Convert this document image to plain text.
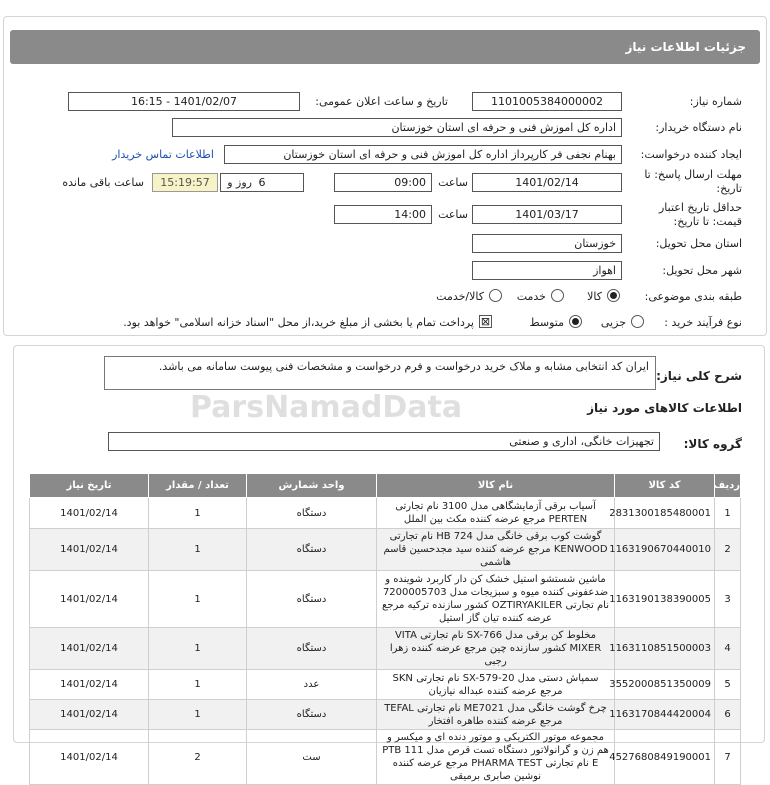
جزئیات اطلاعات نیاز
شماره نیاز:
1101005384000002
تاریخ و ساعت اعلان عمومی:
1401/02/07 - 16:15
نام دستگاه خریدار:
اداره کل اموزش فنی و حرفه ای استان خوزستان
ایجاد کننده درخواست:
بهنام نجفی فر کارپرداز اداره کل اموزش فنی و حرفه ای استان خوزستان
اطلاعات تماس خریدار
مهلت ارسال پاسخ: تا
تاریخ:
1401/02/14
ساعت
09:00
6
روز و
15:19:57
ساعت باقی مانده
حداقل تاریخ اعتبار
قیمت: تا تاریخ:
1401/03/17
ساعت
14:00
استان محل تحویل:
خوزستان
شهر محل تحویل:
اهواز
طبقه بندی موضوعی:
کالا
خدمت
کالا/خدمت
نوع فرآیند خرید :
جزیی
متوسط
⊠
پرداخت تمام یا بخشی از مبلغ خرید،از محل "اسناد خزانه اسلامی" خواهد بود.
شرح کلی نیاز:
ایران کد انتخابی مشابه و ملاک خرید درخواست و فرم درخواست و مشخصات فنی پیوست سامانه می باشد.
اطلاعات کالاهای مورد نیاز
ParsNamadData
گروه کالا:
تجهیزات خانگی، اداری و صنعتی
ردیف	کد کالا	نام کالا	واحد شمارش	تعداد / مقدار	تاریخ نیاز
1	2831300185480001	آسیاب برقی آزمایشگاهی مدل 3100 نام تجارتی PERTEN مرجع عرضه کننده مکث بین الملل	دستگاه	1	1401/02/14
2	1163190670440010	گوشت کوب برقی خانگی مدل HB 724 نام تجارتی KENWOOD مرجع عرضه کننده سید مجدحسین قاسم هاشمی	دستگاه	1	1401/02/14
3	1163190138390005	ماشین شستشو استیل خشک کن دار کاربرد شوینده و ضدعفونی کننده میوه و سبزیجات مدل 7200005703 نام تجارتی OZTIRYAKILER کشور سازنده ترکیه مرجع عرضه کننده تیان گاز استیل	دستگاه	1	1401/02/14
4	1163110851500003	مخلوط کن برقی مدل SX-766 نام تجارتی VITA MIXER کشور سازنده چین مرجع عرضه کننده زهرا رجبی	دستگاه	1	1401/02/14
5	3552000851350009	سمپاش دستی مدل SX-579-20 نام تجارتی SKN مرجع عرضه کننده عبداله نیازیان	عدد	1	1401/02/14
6	1163170844420004	چرخ گوشت خانگی مدل ME7021 نام تجارتی TEFAL مرجع عرضه کننده طاهره افتخار	دستگاه	1	1401/02/14
7	4527680849190001	مجموعه موتور الکتریکی و موتور دنده ای و میکسر و هم زن و گرانولاتور دستگاه تست قرص مدل PTB 111 E نام تجارتی PHARMA TEST مرجع عرضه کننده نوشین صابری برمیقی	ست	2	1401/02/14
